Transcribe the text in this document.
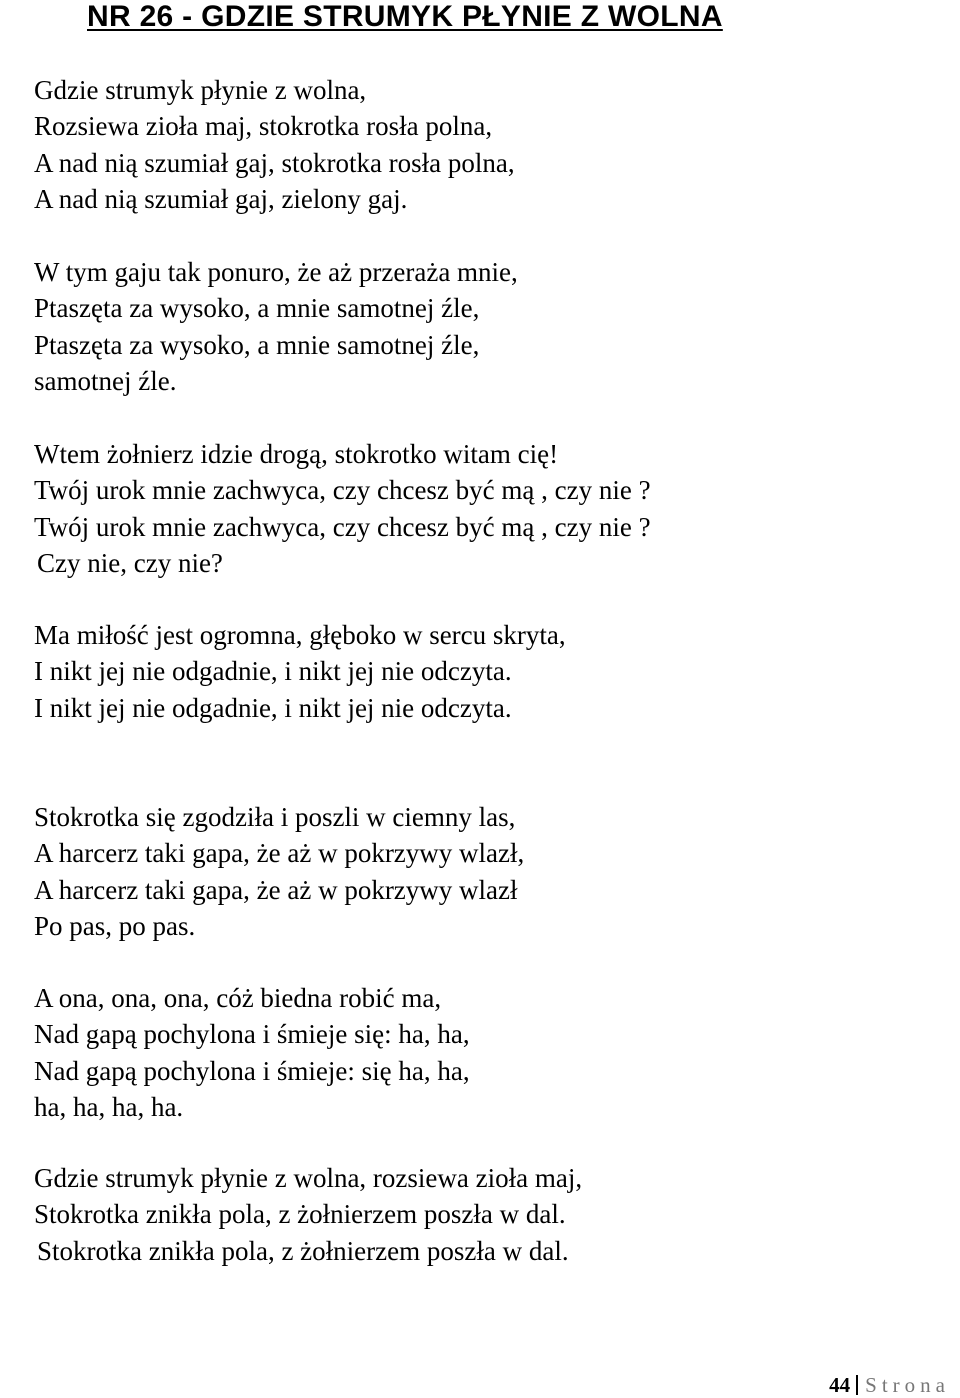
NR 26 - GDZIE STRUMYK PŁYNIE Z WOLNA
Gdzie strumyk płynie z wolna,
Rozsiewa zioła maj, stokrotka rosła polna,
A nad nią szumiał gaj, stokrotka rosła polna,
A nad nią szumiał gaj, zielony gaj.
W tym gaju tak ponuro, że aż przeraża mnie,
Ptaszęta za wysoko, a mnie samotnej źle,
Ptaszęta za wysoko, a mnie samotnej źle,
samotnej źle.
Wtem żołnierz idzie drogą, stokrotko witam cię!
Twój urok mnie zachwyca, czy chcesz być mą , czy nie ?
Twój urok mnie zachwyca, czy chcesz być mą , czy nie ?
Czy nie, czy nie?
Ma miłość jest ogromna, głęboko w sercu skryta,
I nikt jej nie odgadnie, i nikt jej nie odczyta.
I nikt jej nie odgadnie, i nikt jej nie odczyta.
Stokrotka się zgodziła i poszli w ciemny las,
A harcerz taki gapa, że aż w pokrzywy wlazł,
A harcerz taki gapa, że aż w pokrzywy wlazł
Po pas, po pas.
A ona, ona, ona, cóż biedna robić ma,
Nad gapą pochylona i śmieje się: ha, ha,
Nad gapą pochylona i śmieje: się ha, ha,
ha, ha, ha, ha.
Gdzie strumyk płynie z wolna, rozsiewa zioła maj,
Stokrotka znikła pola, z żołnierzem poszła w dal.
Stokrotka znikła pola, z żołnierzem poszła w dal.
44 Strona
